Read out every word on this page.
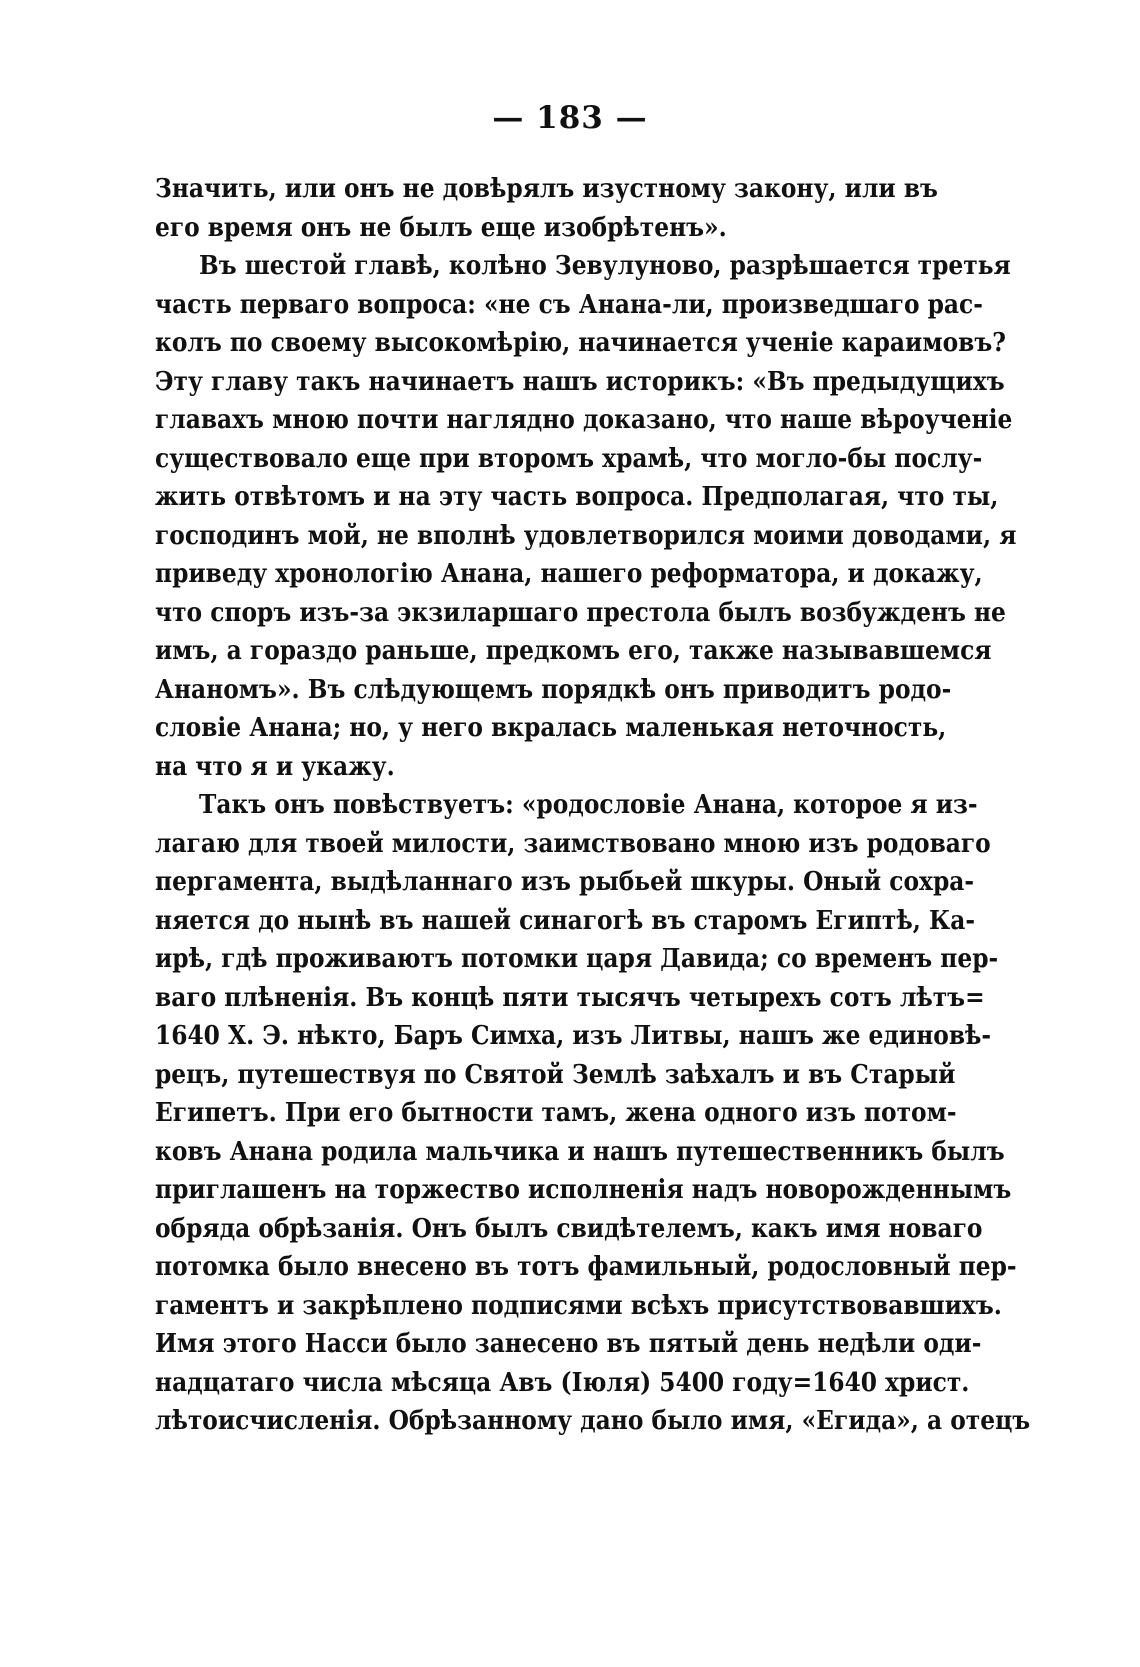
— 183 —
Значить, или онъ не довѣрялъ изустному закону, или въ
его время онъ не былъ еще изобрѣтенъ».
Въ шестой главѣ, колѣно Зевулуново, разрѣшается третья
часть перваго вопроса: «не съ Анана-ли, произведшаго рас-
колъ по своему высокомѣрію, начинается ученіе караимовъ?
Эту главу такъ начинаетъ нашъ историкъ: «Въ предыдущихъ
главахъ мною почти наглядно доказано, что наше вѣроученіе
существовало еще при второмъ храмѣ, что могло-бы послу-
жить отвѣтомъ и на эту часть вопроса. Предполагая, что ты,
господинъ мой, не вполнѣ удовлетворился моими доводами, я
приведу хронологію Анана, нашего реформатора, и докажу,
что споръ изъ-за экзиларшаго престола былъ возбужденъ не
имъ, а гораздо раньше, предкомъ его, также называвшемся
Ананомъ». Въ слѣдующемъ порядкѣ онъ приводитъ родо-
словіе Анана; но, у него вкралась маленькая неточность,
на что я и укажу.
Такъ онъ повѣствуетъ: «родословіе Анана, которое я из-
лагаю для твоей милости, заимствовано мною изъ родоваго
пергамента, выдѣланнаго изъ рыбьей шкуры. Оный сохра-
няется до нынѣ въ нашей синагогѣ въ старомъ Египтѣ, Ка-
ирѣ, гдѣ проживаютъ потомки царя Давида; со временъ пер-
ваго плѣненія. Въ концѣ пяти тысячъ четырехъ сотъ лѣтъ=
1640 Х. Э. нѣкто, Баръ Симха, изъ Литвы, нашъ же единовѣ-
рецъ, путешествуя по Святой Землѣ заѣхалъ и въ Старый
Египетъ. При его бытности тамъ, жена одного изъ потом-
ковъ Анана родила мальчика и нашъ путешественникъ былъ
приглашенъ на торжество исполненія надъ новорожденнымъ
обряда обрѣзанія. Онъ былъ свидѣтелемъ, какъ имя новаго
потомка было внесено въ тотъ фамильный, родословный пер-
гаментъ и закрѣплено подписями всѣхъ присутствовавшихъ.
Имя этого Насси было занесено въ пятый день недѣли оди-
надцатаго числа мѣсяца Авъ (Іюля) 5400 году=1640 христ.
лѣтоисчисленія. Обрѣзанному дано было имя, «Егида», а отецъ
